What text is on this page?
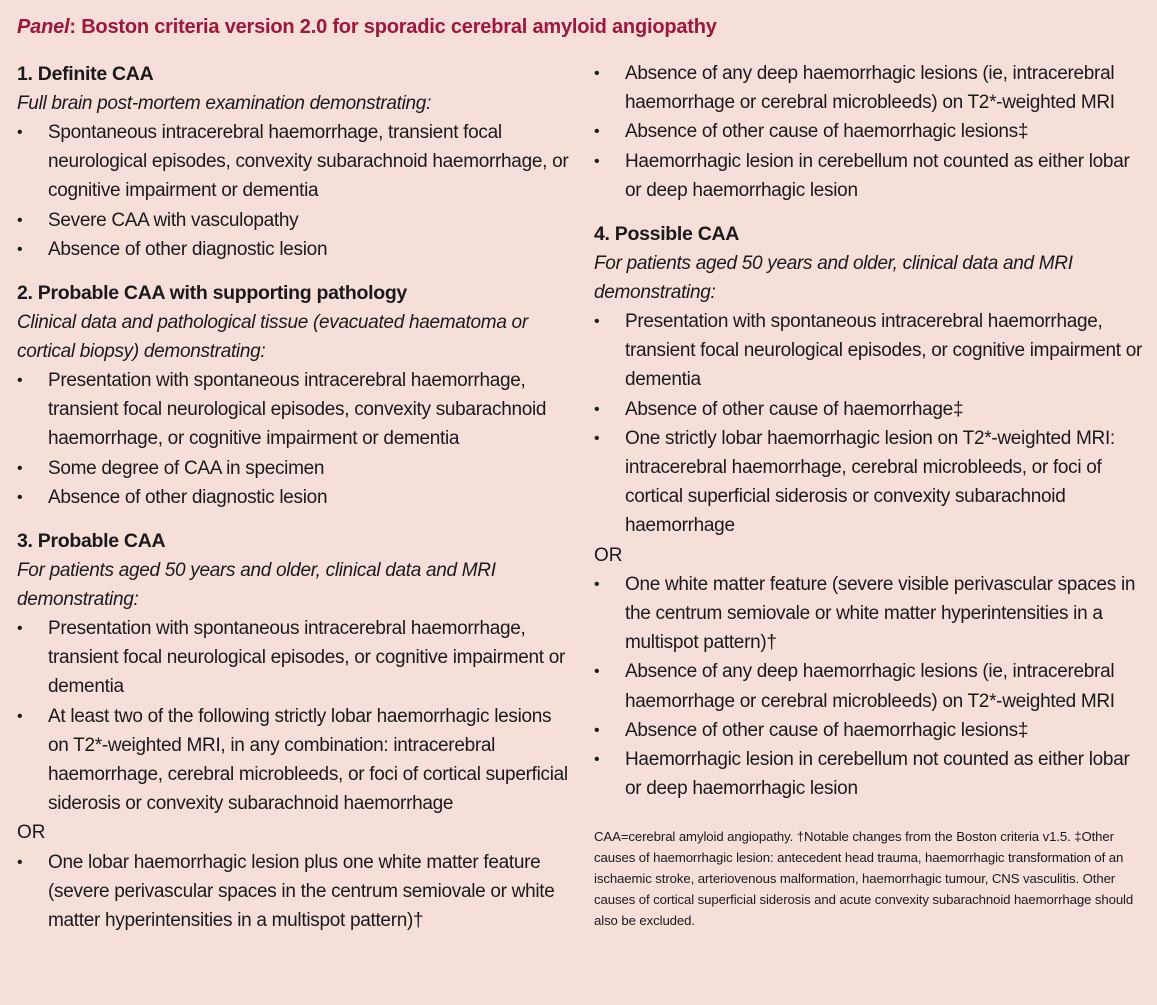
Panel: Boston criteria version 2.0 for sporadic cerebral amyloid angiopathy
1. Definite CAA
Full brain post-mortem examination demonstrating:
• Spontaneous intracerebral haemorrhage, transient focal neurological episodes, convexity subarachnoid haemorrhage, or cognitive impairment or dementia
• Severe CAA with vasculopathy
• Absence of other diagnostic lesion
2. Probable CAA with supporting pathology
Clinical data and pathological tissue (evacuated haematoma or cortical biopsy) demonstrating:
• Presentation with spontaneous intracerebral haemorrhage, transient focal neurological episodes, convexity subarachnoid haemorrhage, or cognitive impairment or dementia
• Some degree of CAA in specimen
• Absence of other diagnostic lesion
3. Probable CAA
For patients aged 50 years and older, clinical data and MRI demonstrating:
• Presentation with spontaneous intracerebral haemorrhage, transient focal neurological episodes, or cognitive impairment or dementia
• At least two of the following strictly lobar haemorrhagic lesions on T2*-weighted MRI, in any combination: intracerebral haemorrhage, cerebral microbleeds, or foci of cortical superficial siderosis or convexity subarachnoid haemorrhage
OR
• One lobar haemorrhagic lesion plus one white matter feature (severe perivascular spaces in the centrum semiovale or white matter hyperintensities in a multispot pattern)†
• Absence of any deep haemorrhagic lesions (ie, intracerebral haemorrhage or cerebral microbleeds) on T2*-weighted MRI
• Absence of other cause of haemorrhagic lesions‡
• Haemorrhagic lesion in cerebellum not counted as either lobar or deep haemorrhagic lesion
4. Possible CAA
For patients aged 50 years and older, clinical data and MRI demonstrating:
• Presentation with spontaneous intracerebral haemorrhage, transient focal neurological episodes, or cognitive impairment or dementia
• Absence of other cause of haemorrhage‡
• One strictly lobar haemorrhagic lesion on T2*-weighted MRI: intracerebral haemorrhage, cerebral microbleeds, or foci of cortical superficial siderosis or convexity subarachnoid haemorrhage
OR
• One white matter feature (severe visible perivascular spaces in the centrum semiovale or white matter hyperintensities in a multispot pattern)†
• Absence of any deep haemorrhagic lesions (ie, intracerebral haemorrhage or cerebral microbleeds) on T2*-weighted MRI
• Absence of other cause of haemorrhagic lesions‡
• Haemorrhagic lesion in cerebellum not counted as either lobar or deep haemorrhagic lesion
CAA=cerebral amyloid angiopathy. †Notable changes from the Boston criteria v1.5. ‡Other causes of haemorrhagic lesion: antecedent head trauma, haemorrhagic transformation of an ischaemic stroke, arteriovenous malformation, haemorrhagic tumour, CNS vasculitis. Other causes of cortical superficial siderosis and acute convexity subarachnoid haemorrhage should also be excluded.
